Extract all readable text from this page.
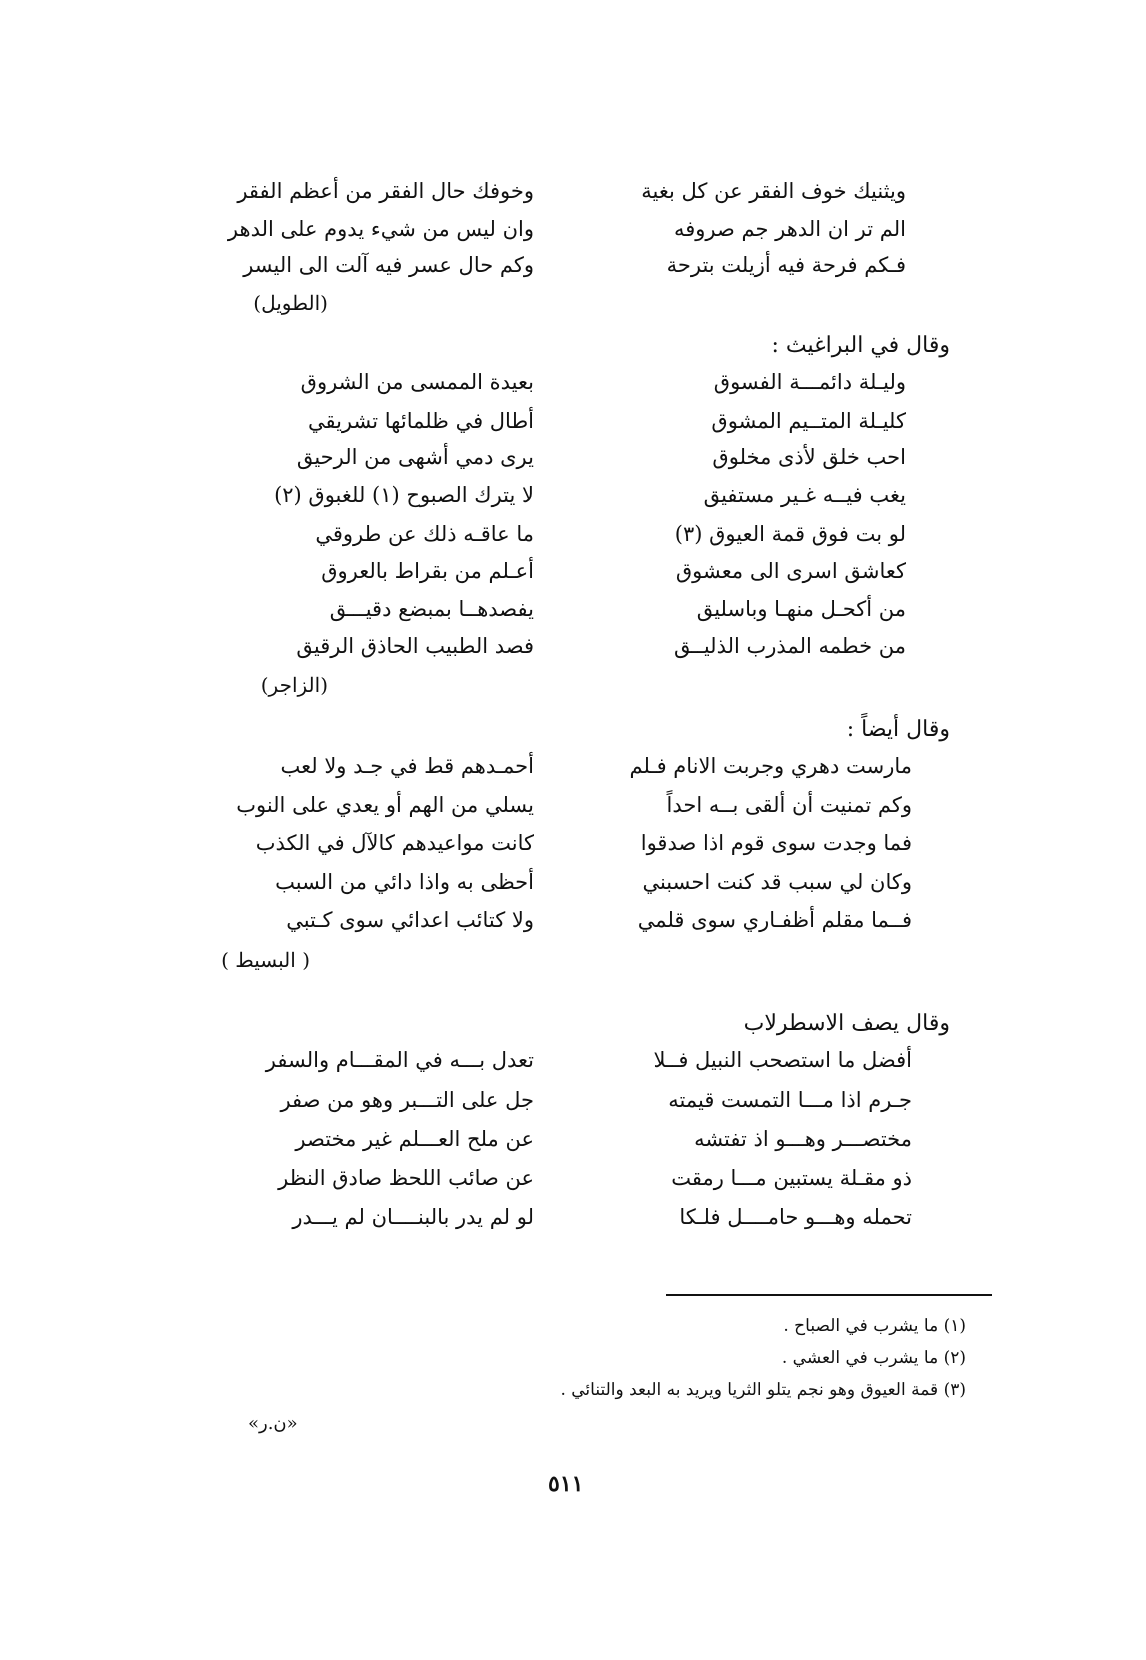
ويثنيك خوف الفقر عن كل بغية
وخوفك حال الفقر من أعظم الفقر
الم تر ان الدهر جم صروفه
وان ليس من شيء يدوم على الدهر
فـكم فرحة فيه أزيلت بترحة
وكم حال عسر فيه آلت الى اليسر
(الطويل)
وقال في البراغيث :
وليـلة دائمـــة الفسوق
بعيدة الممسى من الشروق
كليـلة المتــيم المشوق
أطال في ظلمائها تشريقي
احب خلق لأذى مخلوق
يرى دمي أشهى من الرحيق
يغب فيــه غـير مستفيق
لا يترك الصبوح (١) للغبوق (٢)
لو بت فوق قمة العيوق (٣)
ما عاقـه ذلك عن طروقي
كعاشق اسرى الى معشوق
أعـلم من بقراط بالعروق
من أكحـل منهـا وباسليق
يفصدهــا بمبضع دقيـــق
من خطمه المذرب الذليــق
فصد الطبيب الحاذق الرقيق
(الزاجر)
وقال أيضاً :
مارست دهري وجربت الانام فـلم
أحمـدهم قط في جـد ولا لعب
وكم تمنيت أن ألقى بــه احداً
يسلي من الهم أو يعدي على النوب
فما وجدت سوى قوم اذا صدقوا
كانت مواعيدهم كالآل في الكذب
وكان لي سبب قد كنت احسبني
أحظى به واذا دائي من السبب
فــما مقلم أظفـاري سوى قلمي
ولا كتائب اعدائي سوى كـتبي
( البسيط )
وقال يصف الاسطرلاب
أفضل ما استصحب النبيل فــلا
تعدل بـــه في المقـــام والسفر
جـرم اذا مـــا التمست قيمته
جل على التـــبر وهو من صفر
مختصـــر وهـــو اذ تفتشه
عن ملح العـــلم غير مختصر
ذو مقـلة يستبين مـــا رمقت
عن صائب اللحظ صادق النظر
تحمله وهـــو حامــــل فلـكا
لو لم يدر بالبنــــان لم يـــدر
(١) ما يشرب في الصباح .
(٢) ما يشرب في العشي .
(٣) قمة العيوق وهو نجم يتلو الثريا ويريد به البعد والتنائي .
«ن.ر»
٥١١
